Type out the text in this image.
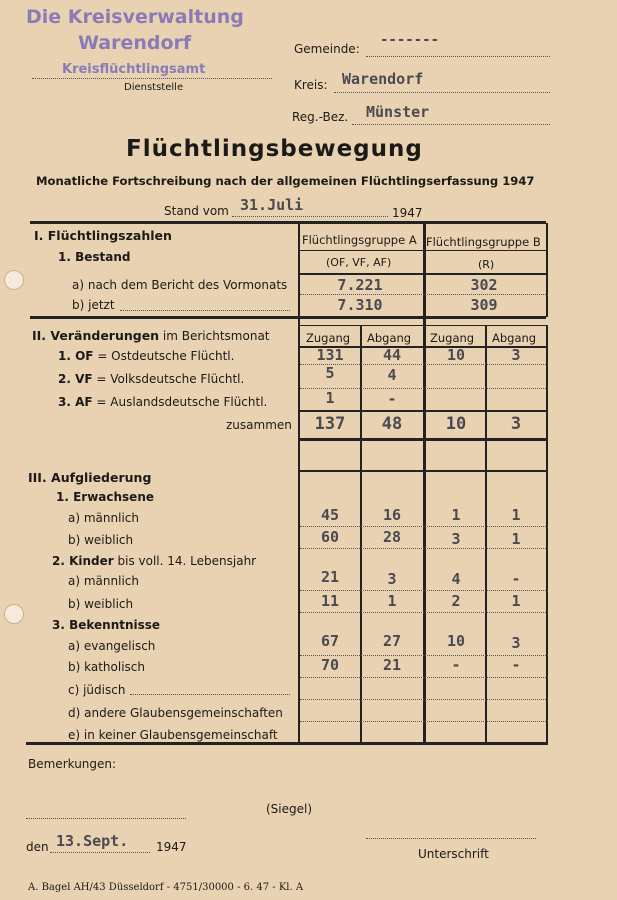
Die Kreisverwaltung
Warendorf
Kreisflüchtlingsamt
Dienststelle
Gemeinde:
-------
Kreis: Warendorf
Reg.-Bez. Münster
Flüchtlingsbewegung
Monatliche Fortschreibung nach der allgemeinen Flüchtlingserfassung 1947
Stand vom 31.Juli	1947
I. Flüchtlingszahlen
1. Bestand
Flüchtlingsgruppe A
(OF, VF, AF)
Flüchtlingsgruppe B
(R)
a) nach dem Bericht des Vormonats	7.221	302
b) jetzt	7.310	309
II. Veränderungen im Berichtsmonat	Zugang Abgang Zugang Abgang
1. OF = Ostdeutsche Flüchtl.	131	44	10	3
2. VF = Volksdeutsche Flüchtl.	5	4
3. AF = Auslandsdeutsche Flüchtl.	1	-
zusammen	137	48	10	3
III. Aufgliederung
1. Erwachsene
a) männlich	45	16	1	1
b) weiblich	60	28	3	1
2. Kinder bis voll. 14. Lebensjahr
a) männlich	21	3	4	-
b) weiblich	11	1	2	1
3. Bekenntnisse
a) evangelisch	67	27	10	3
b) katholisch	70	21	-	-
c) jüdisch
d) andere Glaubensgemeinschaften
e) in keiner Glaubensgemeinschaft
Bemerkungen:
(Siegel)
den 13.Sept. 1947	Unterschrift
A. Bagel AH/43 Düsseldorf - 4751/30000 - 6. 47 - Kl. A
